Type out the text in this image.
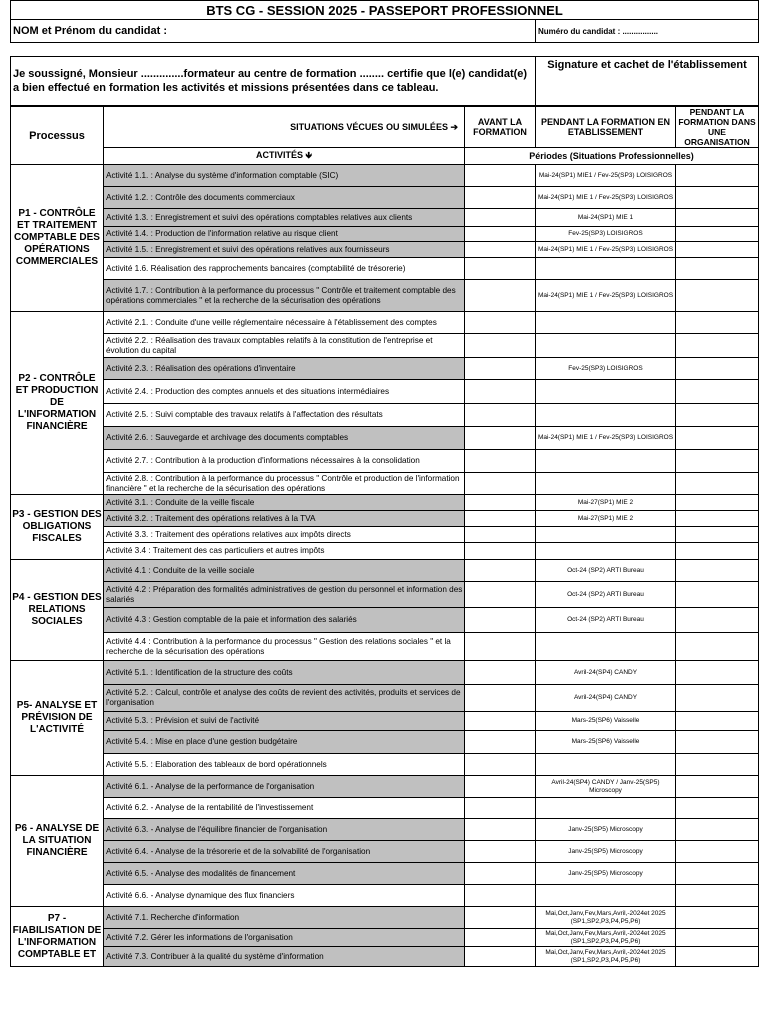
BTS CG - SESSION 2025 - PASSEPORT PROFESSIONNEL
NOM et Prénom du candidat :	Numéro du candidat : ................
Je soussigné, Monsieur ..............formateur au centre de formation ........ certifie que l(e) candidat(e)
a bien effectué en formation les activités et missions présentées dans ce tableau.
	Signature et cachet de l'établissement
Processus	SITUATIONS VÉCUES OU SIMULÉES ➔	AVANT LA FORMATION	PENDANT LA FORMATION EN ETABLISSEMENT	PENDANT LA FORMATION DANS UNE ORGANISATION
	ACTIVITÉS 🡻	Périodes (Situations Professionnelles)		
P1 - CONTRÔLE ET TRAITEMENT COMPTABLE DES OPÉRATIONS COMMERCIALES	Activité 1.1. : Analyse du système d'information comptable (SIC)		Mai-24(SP1) MIE1 / Fev-25(SP3) LOISIGROS	
	Activité 1.2. : Contrôle des documents commerciaux		Mai-24(SP1) MIE 1 / Fev-25(SP3) LOISIGROS	
	Activité 1.3. : Enregistrement et suivi des opérations comptables relatives aux clients		Mai-24(SP1) MIE 1	
	Activité 1.4. : Production de l'information relative au risque client		Fev-25(SP3) LOISIGROS	
	Activité 1.5. : Enregistrement et suivi des opérations relatives aux fournisseurs		Mai-24(SP1) MIE 1 / Fev-25(SP3) LOISIGROS	
	Activité 1.6. Réalisation des rapprochements bancaires (comptabilité de trésorerie)			
	Activité 1.7. : Contribution à la performance du processus " Contrôle et traitement comptable des opérations commerciales " et la recherche de la sécurisation des opérations		Mai-24(SP1) MIE 1 / Fev-25(SP3) LOISIGROS	
P2 - CONTRÔLE ET PRODUCTION DE L'INFORMATION FINANCIÈRE	Activité 2.1. : Conduite d'une veille réglementaire nécessaire à l'établissement des comptes			
	Activité 2.2. : Réalisation des travaux comptables relatifs à la constitution de l'entreprise et évolution du capital			
	Activité 2.3. : Réalisation des opérations d'inventaire		Fev-25(SP3) LOISIGROS	
	Activité 2.4. : Production des comptes annuels et des situations intermédiaires			
	Activité 2.5. : Suivi comptable des travaux relatifs à l'affectation des résultats			
	Activité 2.6. : Sauvegarde et archivage des documents comptables		Mai-24(SP1) MIE 1 / Fev-25(SP3) LOISIGROS	
	Activité 2.7. : Contribution à la production d'informations nécessaires à la consolidation			
	Activité 2.8. : Contribution à la performance du processus " Contrôle et production de l'information financière " et la recherche de la sécurisation des opérations			
P3 - GESTION DES OBLIGATIONS FISCALES	Activité 3.1. : Conduite de la veille fiscale		Mai-27(SP1) MIE 2	
	Activité 3.2. : Traitement des opérations relatives à la TVA		Mai-27(SP1) MIE 2	
	Activité 3.3. : Traitement des opérations relatives aux impôts directs			
	Activité 3.4 : Traitement des cas particuliers et autres impôts			
P4 - GESTION DES RELATIONS SOCIALES	Activité 4.1 : Conduite de la veille sociale		Oct-24 (SP2) ARTI Bureau	
	Activité 4.2 : Préparation des formalités administratives de gestion du personnel et information des salariés		Oct-24 (SP2) ARTI Bureau	
	Activité 4.3 : Gestion comptable de la paie et information des salariés		Oct-24 (SP2) ARTI Bureau	
	Activité 4.4 : Contribution à la performance du processus " Gestion des relations sociales " et la recherche de la sécurisation des opérations			
P5- ANALYSE ET PRÉVISION DE L'ACTIVITÉ	Activité 5.1. : Identification de la structure des coûts		Avril-24(SP4) CANDY	
	Activité 5.2. : Calcul, contrôle et analyse des coûts de revient des activités, produits et services de l'organisation		Avril-24(SP4) CANDY	
	Activité 5.3. : Prévision et suivi de l'activité		Mars-25(SP6) Vaisselle	
	Activité 5.4. : Mise en place d'une gestion budgétaire		Mars-25(SP6) Vaisselle	
	Activité 5.5. : Elaboration des tableaux de bord opérationnels			
P6 - ANALYSE DE LA SITUATION FINANCIÈRE	Activité 6.1. - Analyse de la performance de l'organisation		Avril-24(SP4) CANDY / Janv-25(SP5) Microscopy	
	Activité 6.2. - Analyse de la rentabilité de l'investissement			
	Activité 6.3. - Analyse de l'équilibre financier de l'organisation		Janv-25(SP5) Microscopy	
	Activité 6.4. - Analyse de la trésorerie et de la solvabilité de l'organisation		Janv-25(SP5) Microscopy	
	Activité 6.5. - Analyse des modalités de financement		Janv-25(SP5) Microscopy	
	Activité 6.6. - Analyse dynamique des flux financiers			
P7 - FIABILISATION DE L'INFORMATION COMPTABLE ET	Activité 7.1. Recherche d'information		Mai,Oct,Janv,Fev,Mars,Avril,-2024et 2025 (SP1,SP2,P3,P4,P5,P6)	
	Activité 7.2. Gérer les informations de l'organisation		Mai,Oct,Janv,Fev,Mars,Avril,-2024et 2025 (SP1,SP2,P3,P4,P5,P6)	
	Activité 7.3. Contribuer à la qualité du système d'information		Mai,Oct,Janv,Fev,Mars,Avril,-2024et 2025 (SP1,SP2,P3,P4,P5,P6)	
